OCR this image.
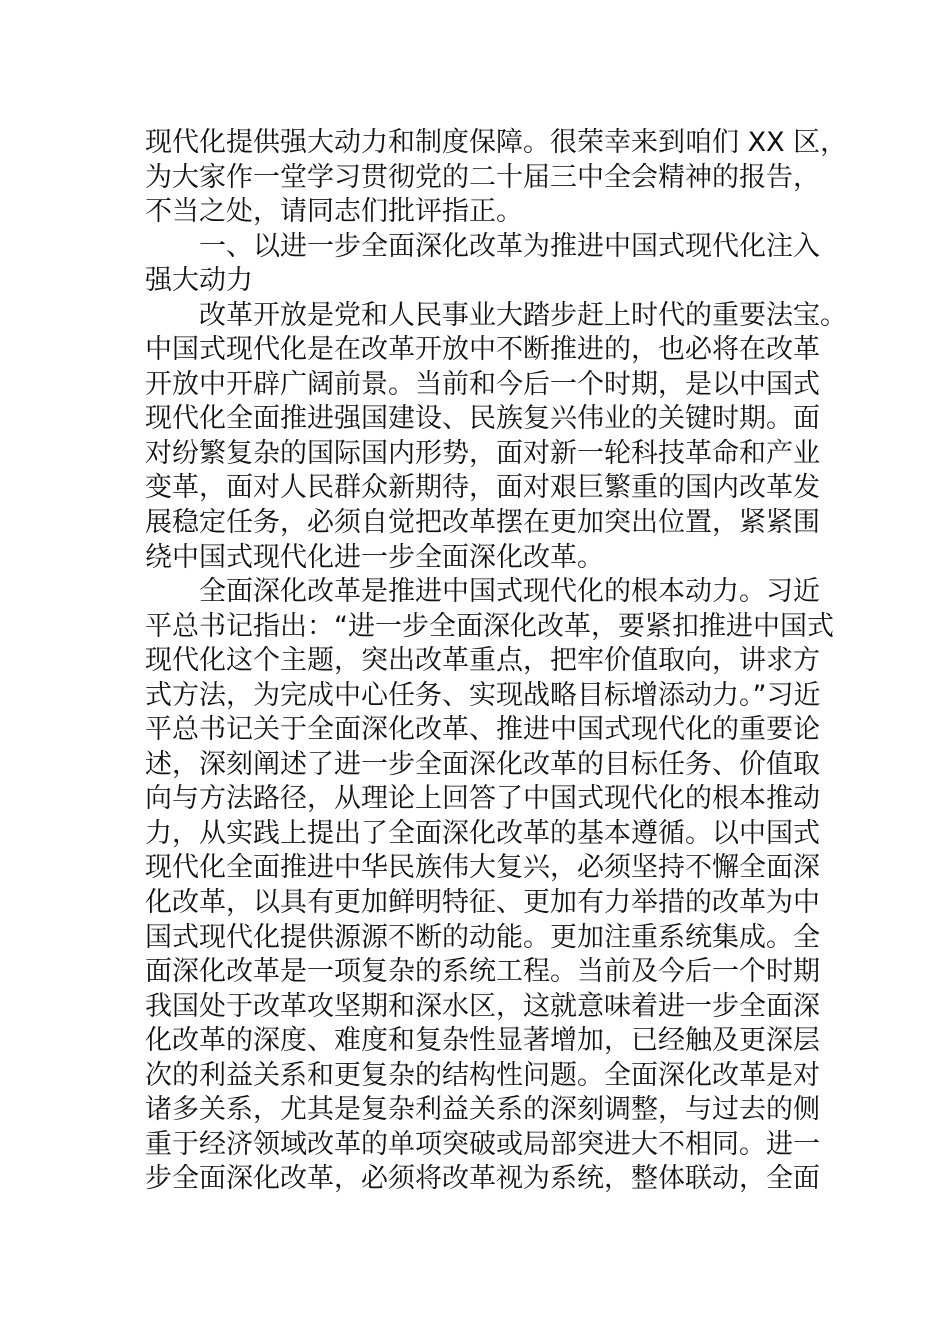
现代化提供强大动力和制度保障。很荣幸来到咱们 XX 区，
为大家作一堂学习贯彻党的二十届三中全会精神的报告，
不当之处，请同志们批评指正。
一、以进一步全面深化改革为推进中国式现代化注入
强大动力
改革开放是党和人民事业大踏步赶上时代的重要法宝。
中国式现代化是在改革开放中不断推进的，也必将在改革
开放中开辟广阔前景。当前和今后一个时期，是以中国式
现代化全面推进强国建设、民族复兴伟业的关键时期。面
对纷繁复杂的国际国内形势，面对新一轮科技革命和产业
变革，面对人民群众新期待，面对艰巨繁重的国内改革发
展稳定任务，必须自觉把改革摆在更加突出位置，紧紧围
绕中国式现代化进一步全面深化改革。
全面深化改革是推进中国式现代化的根本动力。习近
平总书记指出：“进一步全面深化改革，要紧扣推进中国式
现代化这个主题，突出改革重点，把牢价值取向，讲求方
式方法，为完成中心任务、实现战略目标增添动力。”习近
平总书记关于全面深化改革、推进中国式现代化的重要论
述，深刻阐述了进一步全面深化改革的目标任务、价值取
向与方法路径，从理论上回答了中国式现代化的根本推动
力，从实践上提出了全面深化改革的基本遵循。以中国式
现代化全面推进中华民族伟大复兴，必须坚持不懈全面深
化改革，以具有更加鲜明特征、更加有力举措的改革为中
国式现代化提供源源不断的动能。更加注重系统集成。全
面深化改革是一项复杂的系统工程。当前及今后一个时期
我国处于改革攻坚期和深水区，这就意味着进一步全面深
化改革的深度、难度和复杂性显著增加，已经触及更深层
次的利益关系和更复杂的结构性问题。全面深化改革是对
诸多关系，尤其是复杂利益关系的深刻调整，与过去的侧
重于经济领域改革的单项突破或局部突进大不相同。进一
步全面深化改革，必须将改革视为系统，整体联动，全面
